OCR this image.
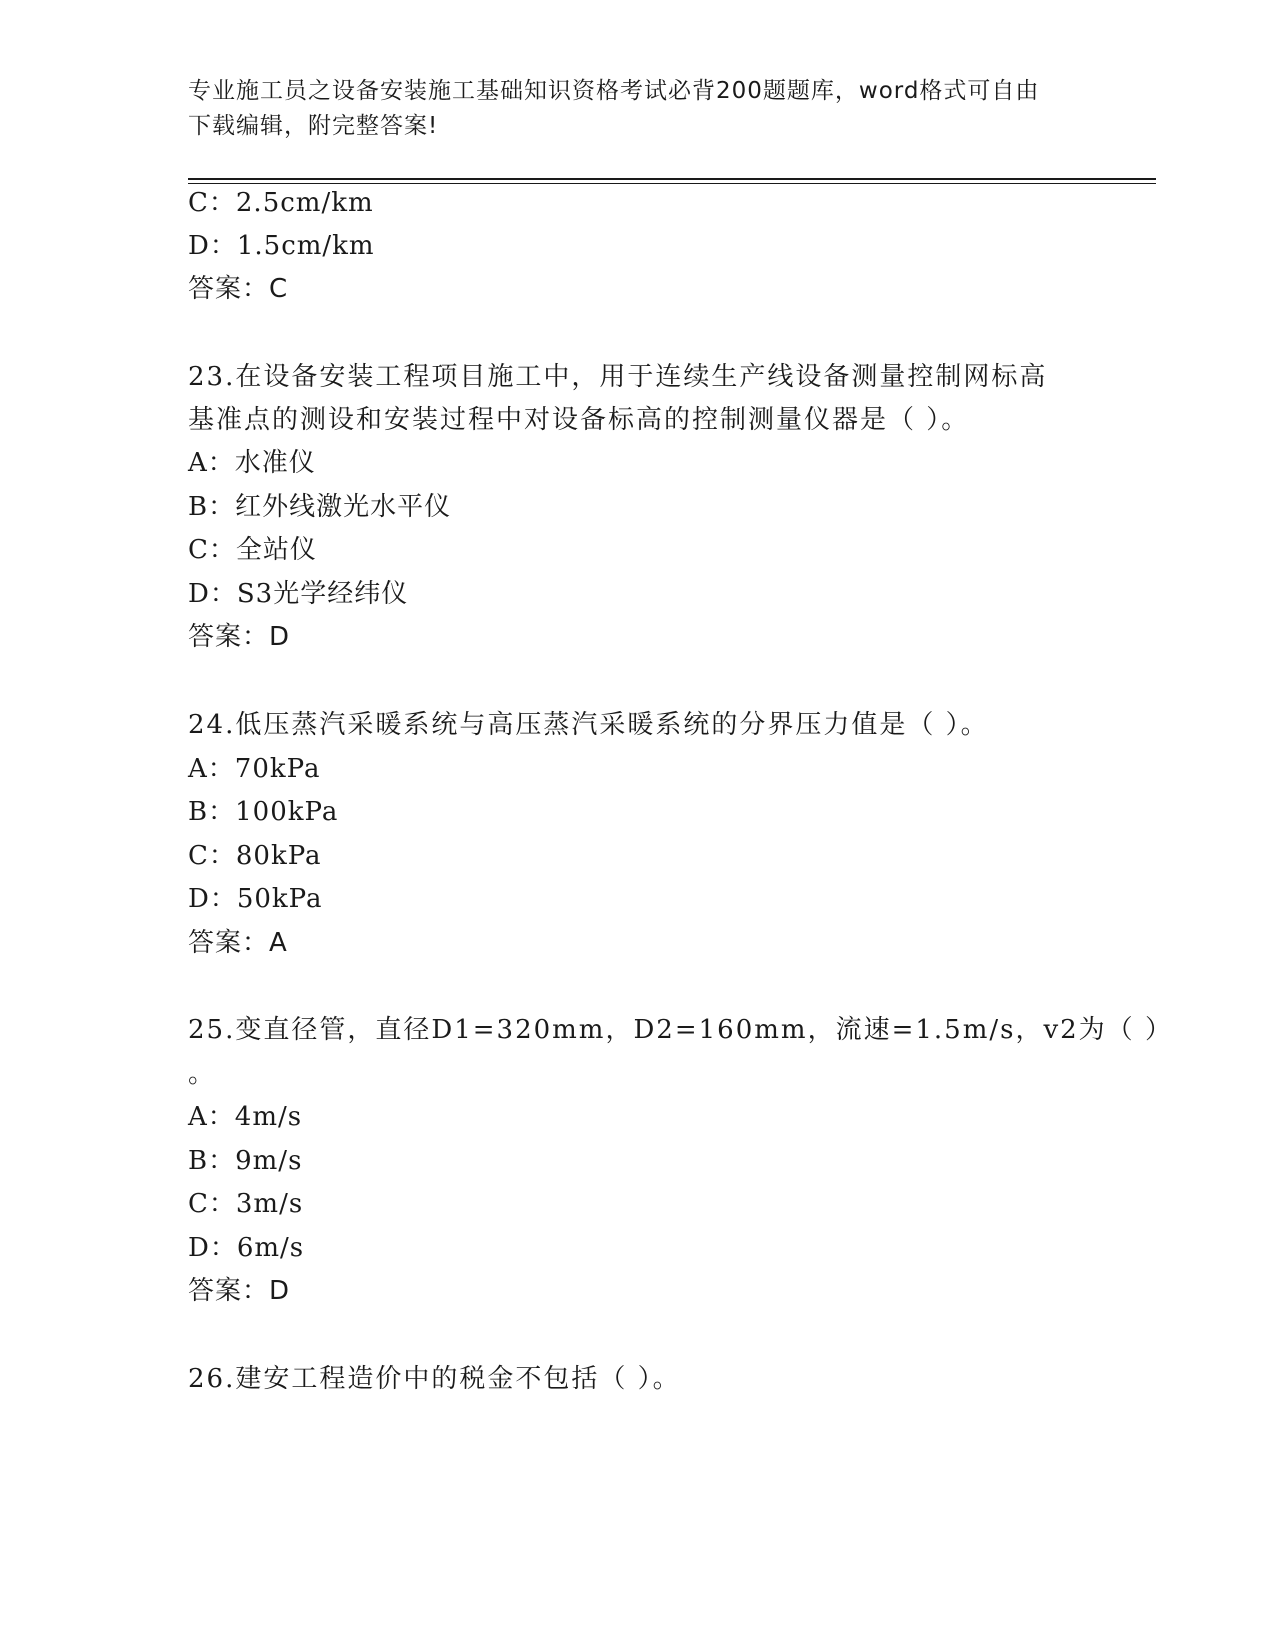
专业施工员之设备安装施工基础知识资格考试必背200题题库，word格式可自由
下载编辑，附完整答案!
C：2.5cm/km
D：1.5cm/km
答案：C
23.在设备安装工程项目施工中，用于连续生产线设备测量控制网标高
基准点的测设和安装过程中对设备标高的控制测量仪器是（ ）。
A：水准仪
B：红外线激光水平仪
C：全站仪
D：S3光学经纬仪
答案：D
24.低压蒸汽采暖系统与高压蒸汽采暖系统的分界压力值是（ ）。
A：70kPa
B：100kPa
C：80kPa
D：50kPa
答案：A
25.变直径管，直径D1=320mm，D2=160mm，流速=1.5m/s，v2为（ ）
。
A：4m/s
B：9m/s
C：3m/s
D：6m/s
答案：D
26.建安工程造价中的税金不包括（ ）。
